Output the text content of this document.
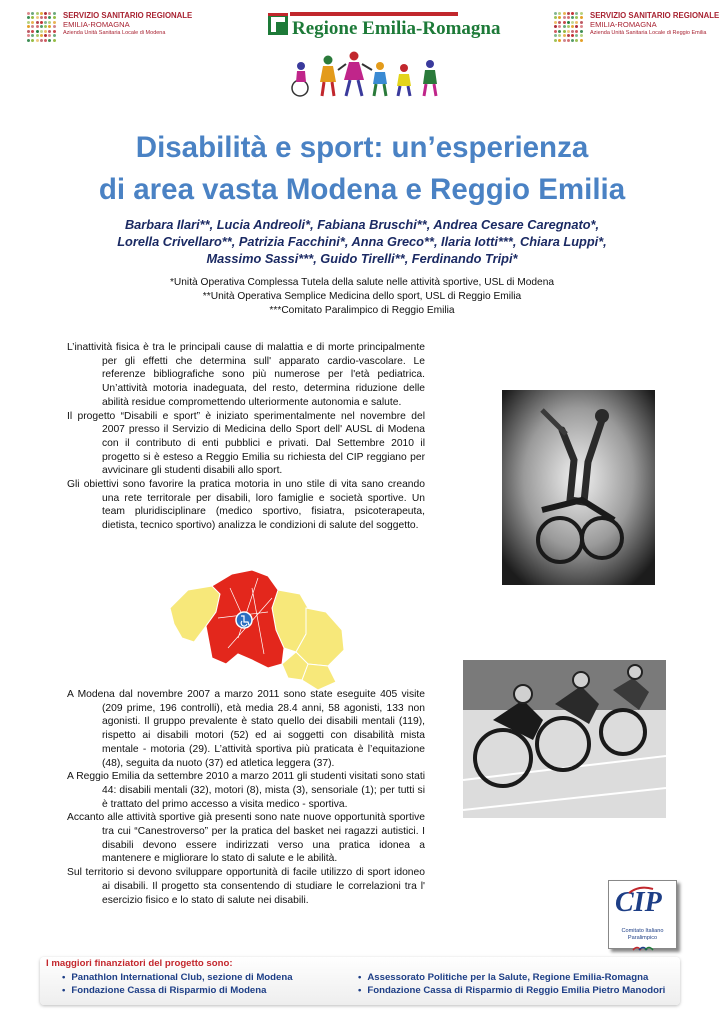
SERVIZIO SANITARIO REGIONALE
EMILIA-ROMAGNA
Azienda Unità Sanitaria Locale di Modena	Regione Emilia-Romagna
SERVIZIO SANITARIO REGIONALE
EMILIA-ROMAGNA
Azienda Unità Sanitaria Locale di Reggio Emilia
Disabilità e sport: un’esperienza
di area vasta Modena e Reggio Emilia
Barbara Ilari**, Lucia Andreoli*, Fabiana Bruschi**, Andrea Cesare Caregnato*,
Lorella Crivellaro**, Patrizia Facchini*, Anna Greco**, Ilaria Iotti***, Chiara Luppi*,
Massimo Sassi***, Guido Tirelli**, Ferdinando Tripi*
*Unità Operativa Complessa Tutela della salute nelle attività sportive, USL di Modena
**Unità Operativa Semplice Medicina dello sport, USL di Reggio Emilia
***Comitato Paralimpico di Reggio Emilia

L’inattività fisica è tra le principali cause di malattia e di morte principalmente per gli effetti che determina sull' apparato cardio-vascolare. Le referenze bibliografiche sono più numerose per l'età pediatrica. Un’attività motoria inadeguata, del resto, determina riduzione delle abilità residue compromettendo ulteriormente autonomia e salute.

Il progetto “Disabili e sport” è iniziato sperimentalmente nel novembre del 2007 presso il Servizio di Medicina dello Sport dell' AUSL di Modena con il contributo di enti pubblici e privati. Dal Settembre 2010 il progetto si è esteso a Reggio Emilia su richiesta del CIP reggiano per avvicinare gli studenti disabili allo sport.

Gli obiettivi sono favorire la pratica motoria in uno stile di vita sano creando una rete territorale per disabili, loro famiglie e società sportive. Un team pluridisciplinare (medico sportivo, fisiatra, psicoterapeuta, dietista, tecnico sportivo) analizza le condizioni di salute del soggetto.

A Modena dal novembre 2007 a marzo 2011 sono state eseguite 405 visite (209 prime, 196 controlli), età media 28.4 anni, 58 agonisti, 133 non agonisti. Il gruppo prevalente è stato quello dei disabili mentali (119), rispetto ai disabili motori (52) ed ai soggetti con disabilità mista mentale - motoria (29). L’attività sportiva più praticata è l’equitazione (48), seguita da nuoto (37) ed atletica leggera (37).

A Reggio Emilia da settembre 2010 a marzo 2011 gli studenti visitati sono stati 44: disabili mentali (32), motori (8), mista (3), sensoriale (1); per tutti si è trattato del primo accesso a visita medico - sportiva.

Accanto alle attività sportive già presenti sono nate nuove opportunità sportive tra cui “Canestroverso” per la pratica del basket nei ragazzi autistici. I disabili devono essere indirizzati verso una pratica idonea a mantenere e migliorare lo stato di salute e le abilità.

Sul territorio si devono sviluppare opportunità di facile utilizzo di sport idoneo ai disabili. Il progetto sta consentendo di studiare le correlazioni tra l' esercizio fisico e lo stato di salute nei disabili.	CIP
Comitato Italiano
Paralimpico
I maggiori finanziatori del progetto sono:
• Panathlon International Club, sezione di Modena
• Fondazione Cassa di Risparmio di Modena
• Assessorato Politiche per la Salute, Regione Emilia-Romagna
• Fondazione Cassa di Risparmio di Reggio Emilia Pietro Manodori
